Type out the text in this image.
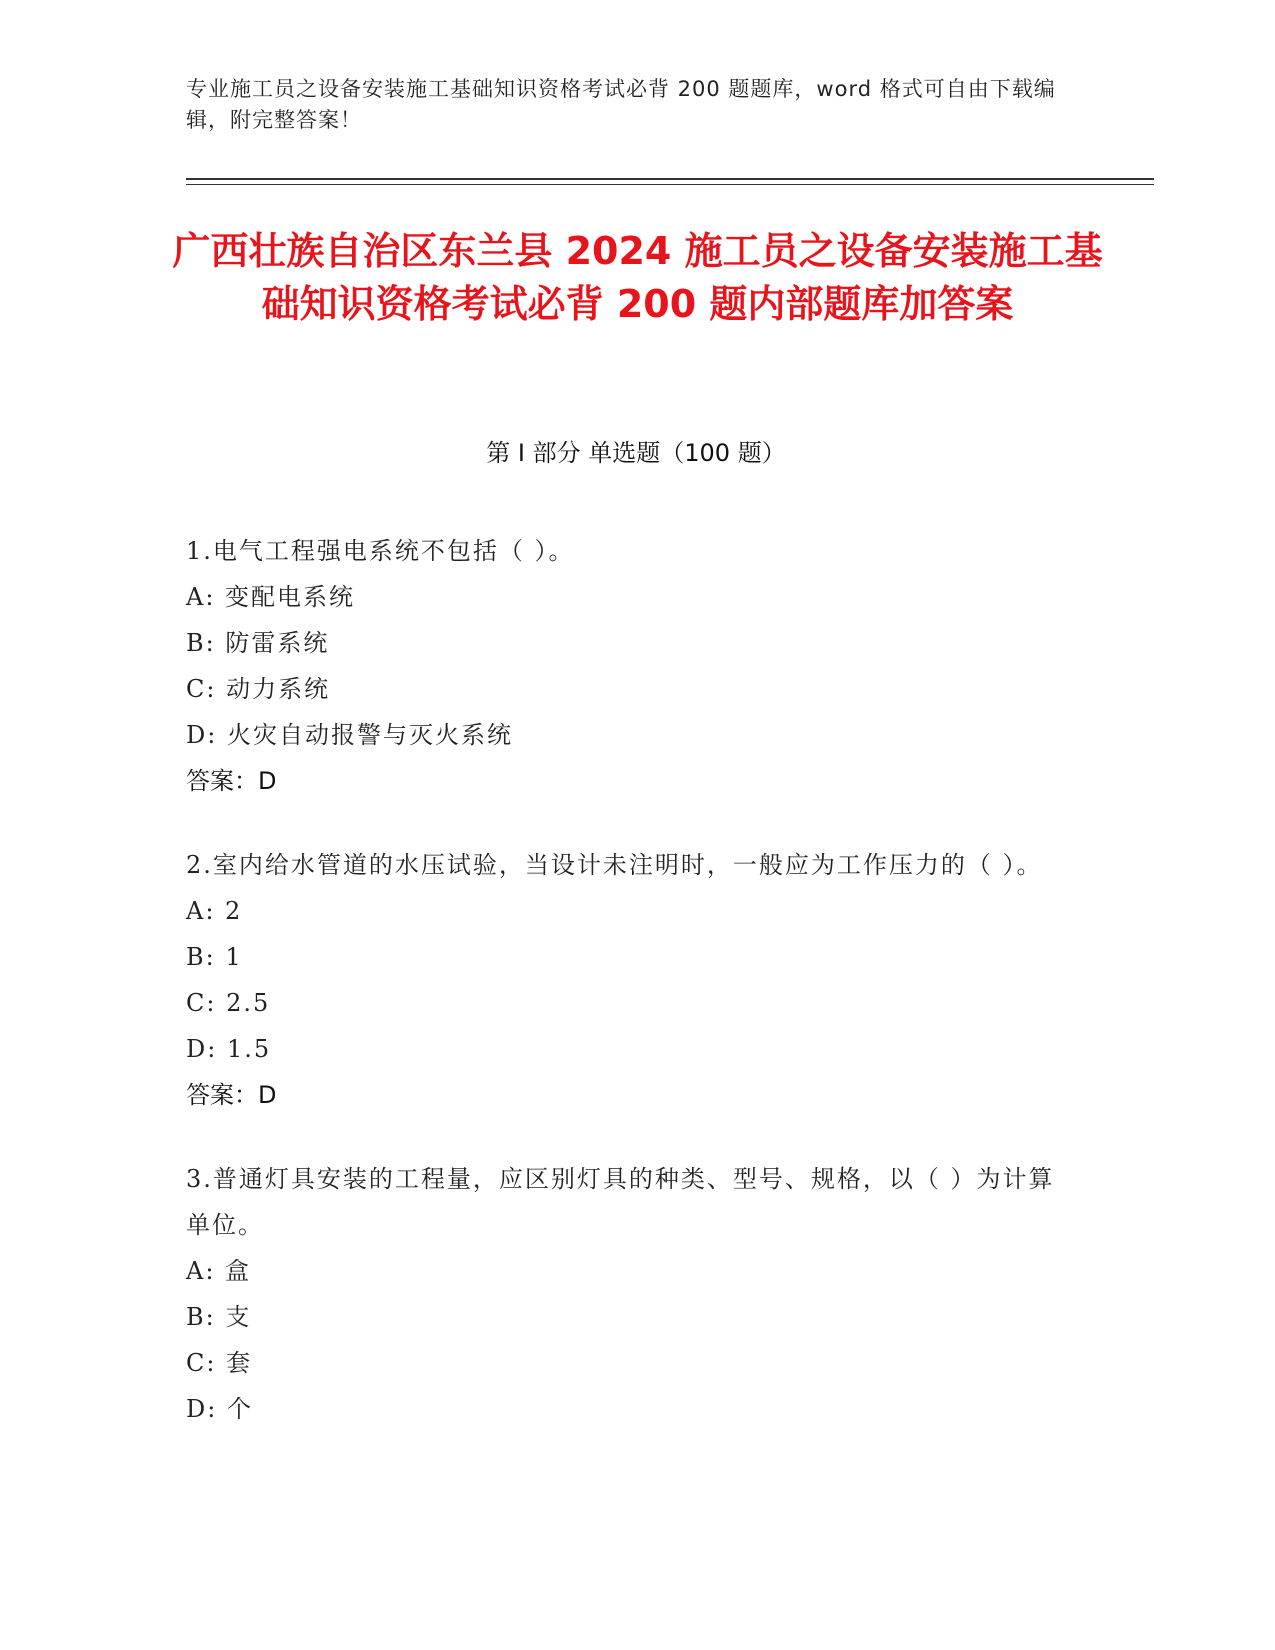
专业施工员之设备安装施工基础知识资格考试必背 200 题题库，word 格式可自由下载编辑，附完整答案！
广西壮族自治区东兰县 2024 施工员之设备安装施工基础知识资格考试必背 200 题内部题库加答案
第 I 部分 单选题（100 题）
1.电气工程强电系统不包括（ ）。
A: 变配电系统
B: 防雷系统
C: 动力系统
D: 火灾自动报警与灭火系统
答案：D
2.室内给水管道的水压试验，当设计未注明时，一般应为工作压力的（ ）。
A: 2
B: 1
C: 2.5
D: 1.5
答案：D
3.普通灯具安装的工程量，应区别灯具的种类、型号、规格，以（ ）为计算单位。
A: 盒
B: 支
C: 套
D: 个
